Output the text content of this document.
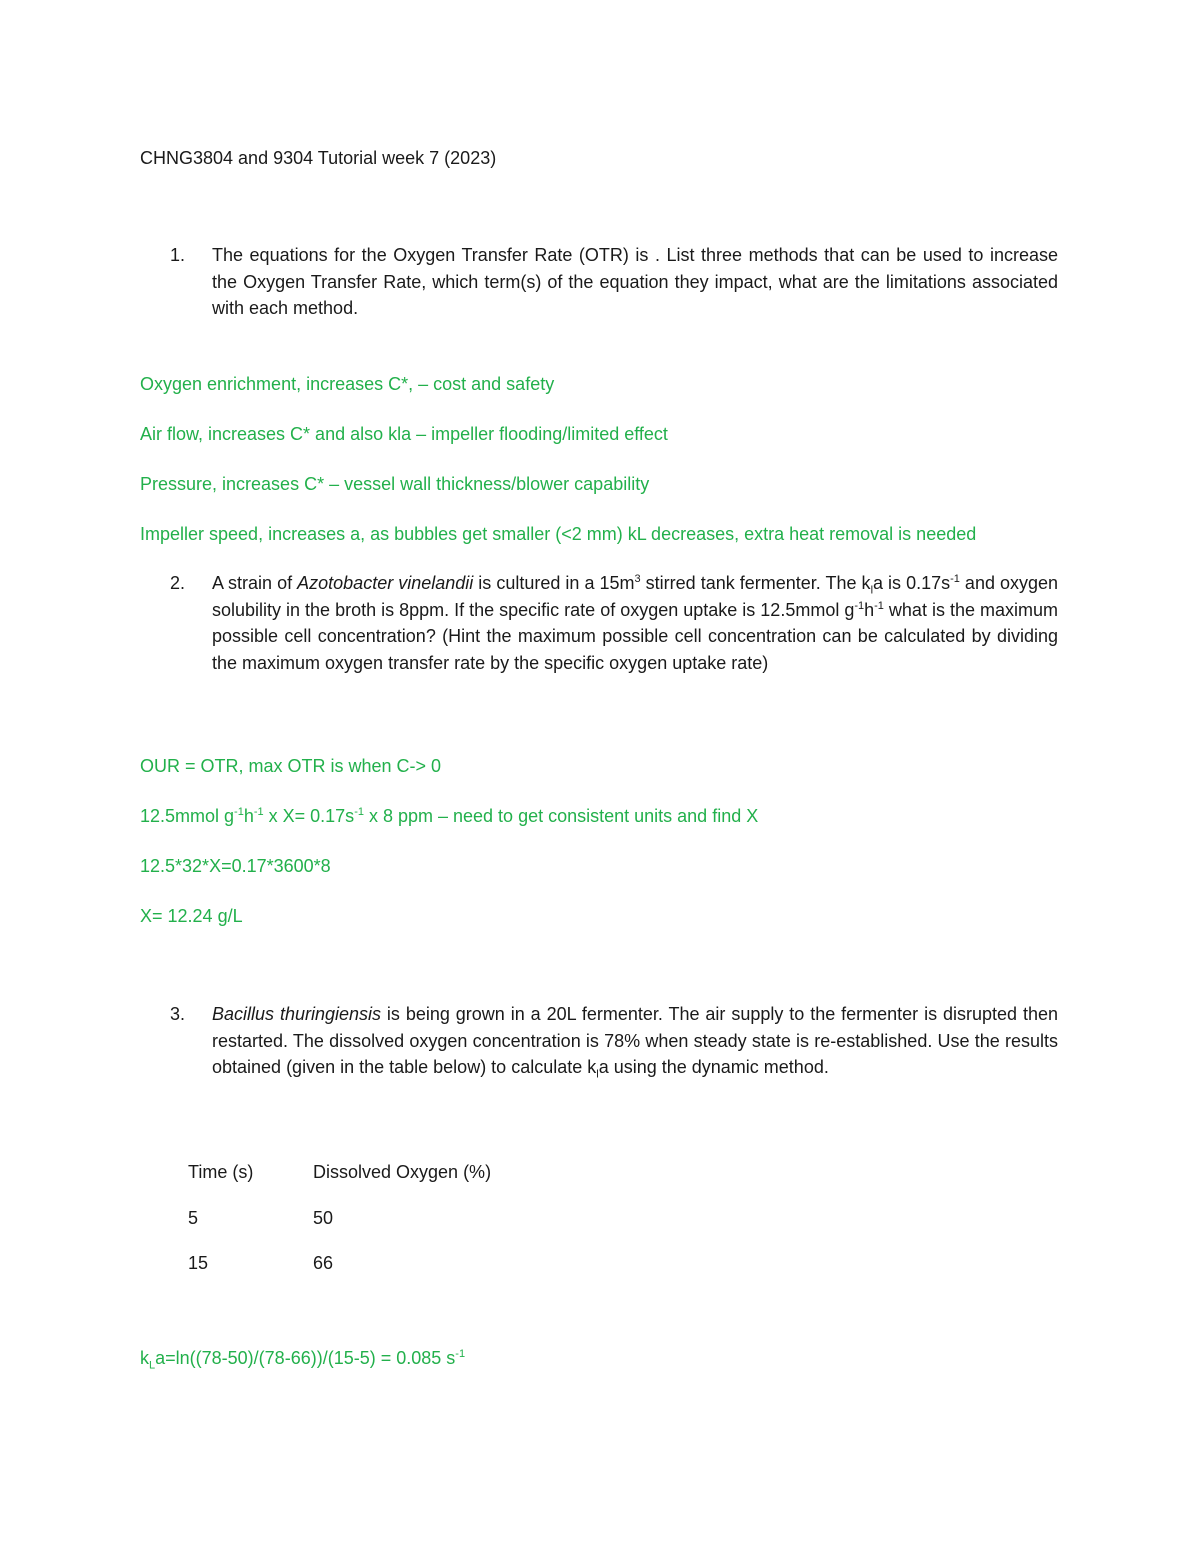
CHNG3804 and 9304 Tutorial week 7 (2023)
1. The equations for the Oxygen Transfer Rate (OTR) is . List three methods that can be used to increase the Oxygen Transfer Rate, which term(s) of the equation they impact, what are the limitations associated with each method.

Oxygen enrichment, increases C*, – cost and safety
Air flow, increases C* and also kla – impeller flooding/limited effect
Pressure, increases C* – vessel wall thickness/blower capability
Impeller speed, increases a, as bubbles get smaller (<2 mm) kL decreases, extra heat removal is needed
2. A strain of Azotobacter vinelandii is cultured in a $15m^3$ stirred tank fermenter. The $k_la$ is $0.17s^{-1}$ and oxygen solubility in the broth is 8ppm. If the specific rate of oxygen uptake is 12.5mmol $g^{-1}h^{-1}$ what is the maximum possible cell concentration? (Hint the maximum possible cell concentration can be calculated by dividing the maximum oxygen transfer rate by the specific oxygen uptake rate)

OUR = OTR, max OTR is when C-> 0
12.5mmol $g^{-1}h^{-1}$ x $X= 0.17s^{-1}$ x 8 ppm – need to get consistent units and find X
12.5*32*X=0.17*3600*8
X= 12.24 g/L
3. Bacillus thuringiensis is being grown in a 20L fermenter. The air supply to the fermenter is disrupted then restarted. The dissolved oxygen concentration is 78% when steady state is re-established. Use the results obtained (given in the table below) to calculate $k_la$ using the dynamic method.

Time (s)	Dissolved Oxygen (%)
5	50
15	66
$k_La=\ln((78-50)/(78-66))/(15-5) = 0.085$ $s^{-1}$
